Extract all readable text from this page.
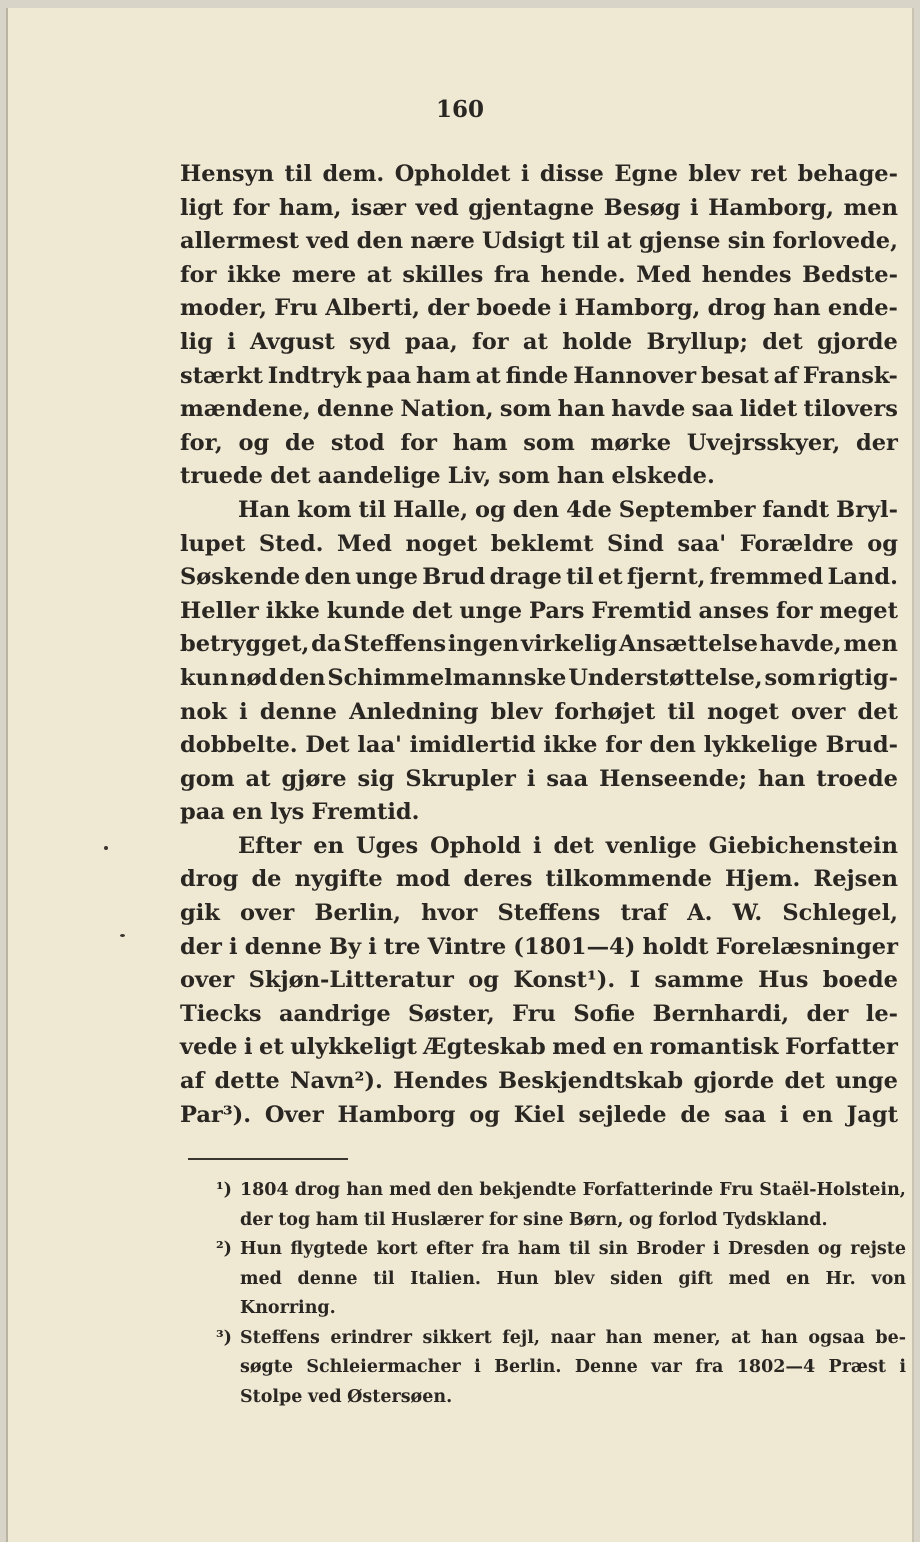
160
Hensyn til dem. Opholdet i disse Egne blev ret behage-
ligt for ham, især ved gjentagne Besøg i Hamborg, men
allermest ved den nære Udsigt til at gjense sin forlovede,
for ikke mere at skilles fra hende. Med hendes Bedste-
moder, Fru Alberti, der boede i Hamborg, drog han ende-
lig i Avgust syd paa, for at holde Bryllup; det gjorde
stærkt Indtryk paa ham at finde Hannover besat af Fransk-
mændene, denne Nation, som han havde saa lidet tilovers
for, og de stod for ham som mørke Uvejrsskyer, der
truede det aandelige Liv, som han elskede.
Han kom til Halle, og den 4de September fandt Bryl-
lupet Sted. Med noget beklemt Sind saa' Forældre og
Søskende den unge Brud drage til et fjernt, fremmed Land.
Heller ikke kunde det unge Pars Fremtid anses for meget
betrygget, da Steffens ingen virkelig Ansættelse havde, men
kun nød den Schimmelmannske Understøttelse, som rigtig-
nok i denne Anledning blev forhøjet til noget over det
dobbelte. Det laa' imidlertid ikke for den lykkelige Brud-
gom at gjøre sig Skrupler i saa Henseende; han troede
paa en lys Fremtid.
Efter en Uges Ophold i det venlige Giebichenstein
drog de nygifte mod deres tilkommende Hjem. Rejsen
gik over Berlin, hvor Steffens traf A. W. Schlegel,
der i denne By i tre Vintre (1801—4) holdt Forelæsninger
over Skjøn-Litteratur og Konst¹). I samme Hus boede
Tiecks aandrige Søster, Fru Sofie Bernhardi, der le-
vede i et ulykkeligt Ægteskab med en romantisk Forfatter
af dette Navn²). Hendes Beskjendtskab gjorde det unge
Par³). Over Hamborg og Kiel sejlede de saa i en Jagt
¹) 1804 drog han med den bekjendte Forfatterinde Fru Staël-Holstein,
der tog ham til Huslærer for sine Børn, og forlod Tydskland.
²) Hun flygtede kort efter fra ham til sin Broder i Dresden og rejste
med denne til Italien. Hun blev siden gift med en Hr. von
Knorring.
³) Steffens erindrer sikkert fejl, naar han mener, at han ogsaa be-
søgte Schleiermacher i Berlin. Denne var fra 1802—4 Præst i
Stolpe ved Østersøen.
